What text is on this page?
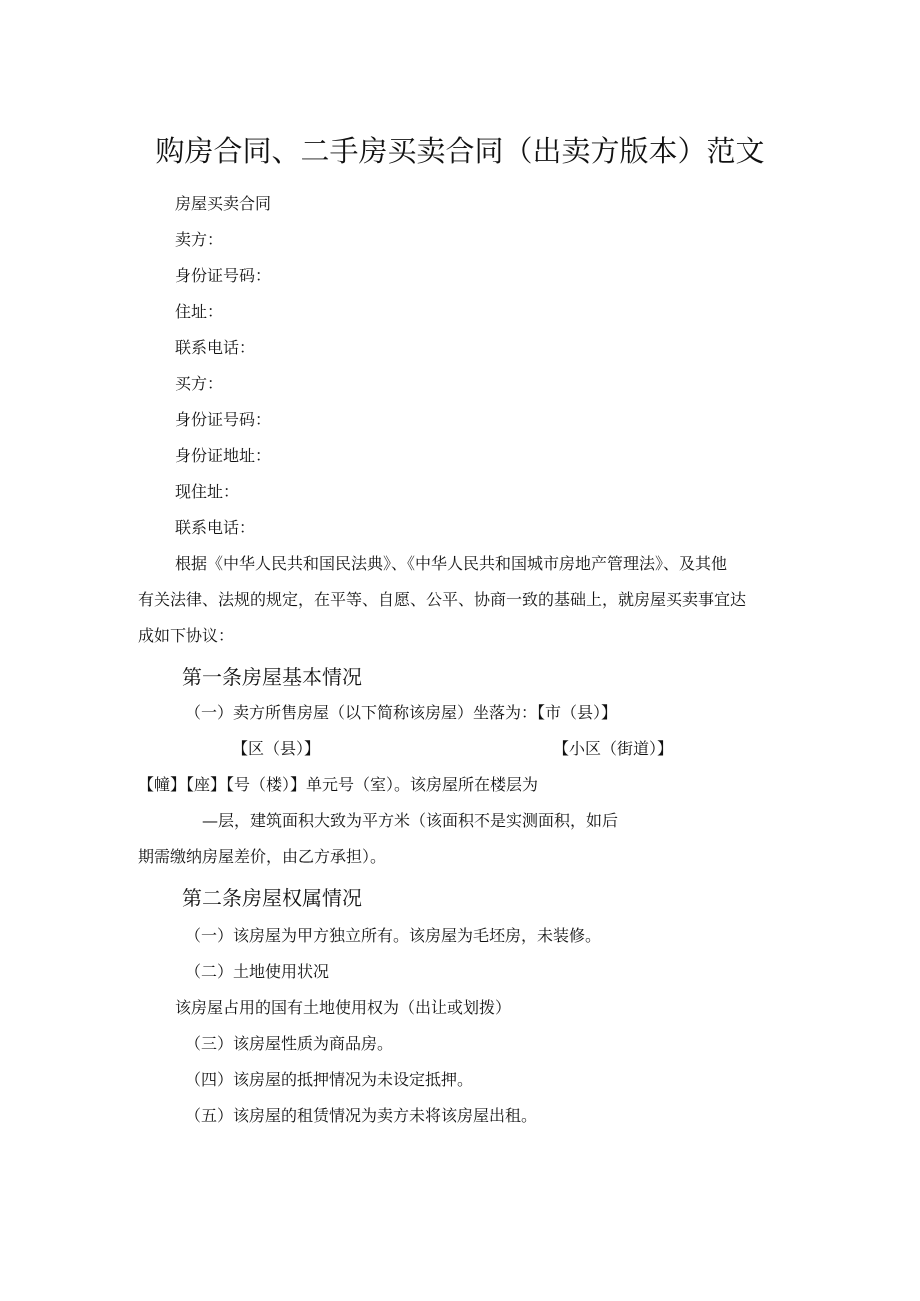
购房合同、二手房买卖合同（出卖方版本）范文
房屋买卖合同
卖方：
身份证号码：
住址：
联系电话：
买方：
身份证号码：
身份证地址：
现住址：
联系电话：
根据《中华人民共和国民法典》、《中华人民共和国城市房地产管理法》、及其他
有关法律、法规的规定，在平等、自愿、公平、协商一致的基础上，就房屋买卖事宜达
成如下协议：
第一条房屋基本情况
（一）卖方所售房屋（以下简称该房屋）坐落为：【市（县）】
【区（县）】	【小区（街道）】
【幢】【座】【号（楼）】单元号（室）。该房屋所在楼层为
—层，建筑面积大致为平方米（该面积不是实测面积，如后
期需缴纳房屋差价，由乙方承担）。
第二条房屋权属情况
（一）该房屋为甲方独立所有。该房屋为毛坯房，未装修。
（二）土地使用状况
该房屋占用的国有土地使用权为（出让或划拨）
（三）该房屋性质为商品房。
（四）该房屋的抵押情况为未设定抵押。
（五）该房屋的租赁情况为卖方未将该房屋出租。
